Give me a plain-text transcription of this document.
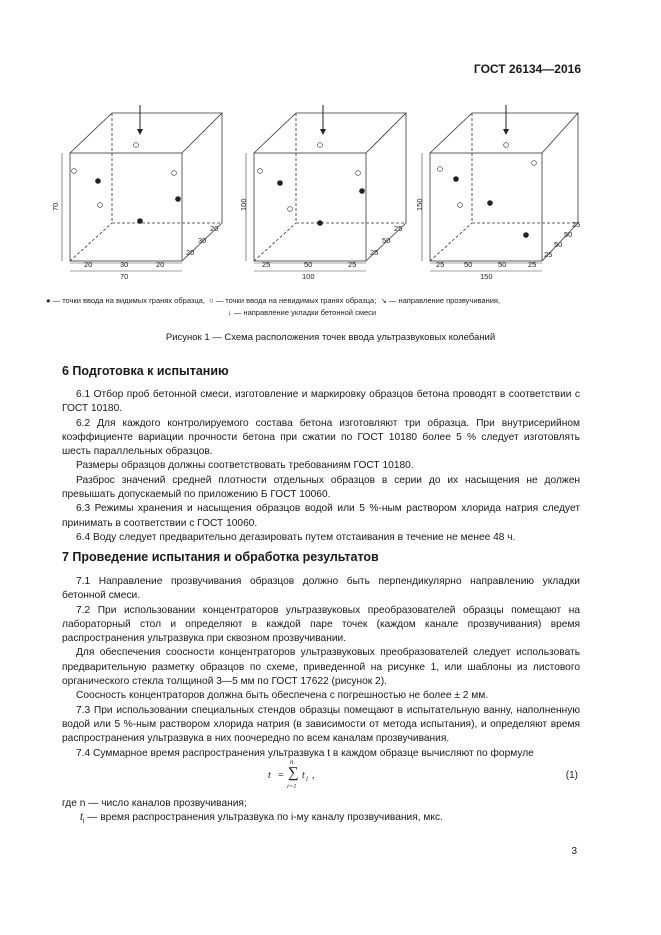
ГОСТ 26134—2016
70
20	30	20
70
20
30
20
100
25	50	25
100
25
50
25
150
25	50	50	25
150
25
50
50
25
● — точки ввода на видимых гранях образца, ○ — точки ввода на невидимых гранях образца; ↘ — направление прозвучивания,
↓ — направление укладки бетонной смеси
Рисунок 1 — Схема расположения точек ввода ультразвуковых колебаний
6 Подготовка к испытанию

6.1 Отбор проб бетонной смеси, изготовление и маркировку образцов бетона проводят в соответствии с ГОСТ 10180.

6.2 Для каждого контролируемого состава бетона изготовляют три образца. При внутрисерийном коэффициенте вариации прочности бетона при сжатии по ГОСТ 10180 более 5 % следует изготовлять шесть параллельных образцов.

Размеры образцов должны соответствовать требованиям ГОСТ 10180.

Разброс значений средней плотности отдельных образцов в серии до их насыщения не должен превышать допускаемый по приложению Б ГОСТ 10060.

6.3 Режимы хранения и насыщения образцов водой или 5 %-ным раствором хлорида натрия следует принимать в соответствии с ГОСТ 10060.

6.4 Воду следует предварительно дегазировать путем отстаивания в течение не менее 48 ч.

7 Проведение испытания и обработка результатов

7.1 Направление прозвучивания образцов должно быть перпендикулярно направлению укладки бетонной смеси.

7.2 При использовании концентраторов ультразвуковых преобразователей образцы помещают на лабораторный стол и определяют в каждой паре точек (каждом канале прозвучивания) время распространения ультразвука при сквозном прозвучивании.

Для обеспечения соосности концентраторов ультразвуковых преобразователей следует использовать предварительную разметку образцов по схеме, приведенной на рисунке 1, или шаблоны из листового органического стекла толщиной 3—5 мм по ГОСТ 17622 (рисунок 2).

Соосность концентраторов должна быть обеспечена с погрешностью не более ± 2 мм.

7.3 При использовании специальных стендов образцы помещают в испытательную ванну, наполненную водой или 5 %-ным раствором хлорида натрия (в зависимости от метода испытания), и определяют время распространения ультразвука в них поочередно по всем каналам прозвучивания.

7.4 Суммарное время распространения ультразвука t в каждом образце вычисляют по формуле

t =
n
∑
i=1
t i ,	(1)
где n — число каналов прозвучивания;
$t_i$ — время распространения ультразвука по i-му каналу прозвучивания, мкс.
3
